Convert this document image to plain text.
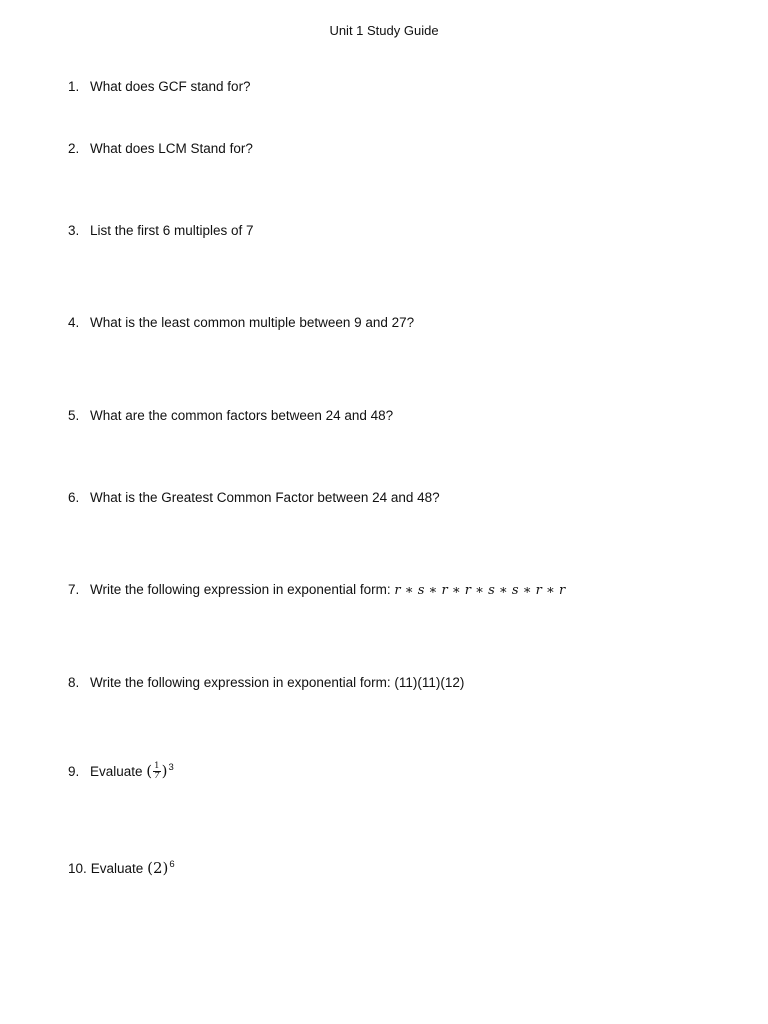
Unit 1 Study Guide
1. What does GCF stand for?
2. What does LCM Stand for?
3. List the first 6 multiples of 7
4. What is the least common multiple between 9 and 27?
5. What are the common factors between 24 and 48?
6. What is the Greatest Common Factor between 24 and 48?
7. Write the following expression in exponential form: r ∗ s ∗ r ∗ r ∗ s ∗ s ∗ r ∗ r
8. Write the following expression in exponential form: (11)(11)(12)
9. Evaluate ( $\frac{1}{7} )^3$
10. Evaluate $(2)^6$
